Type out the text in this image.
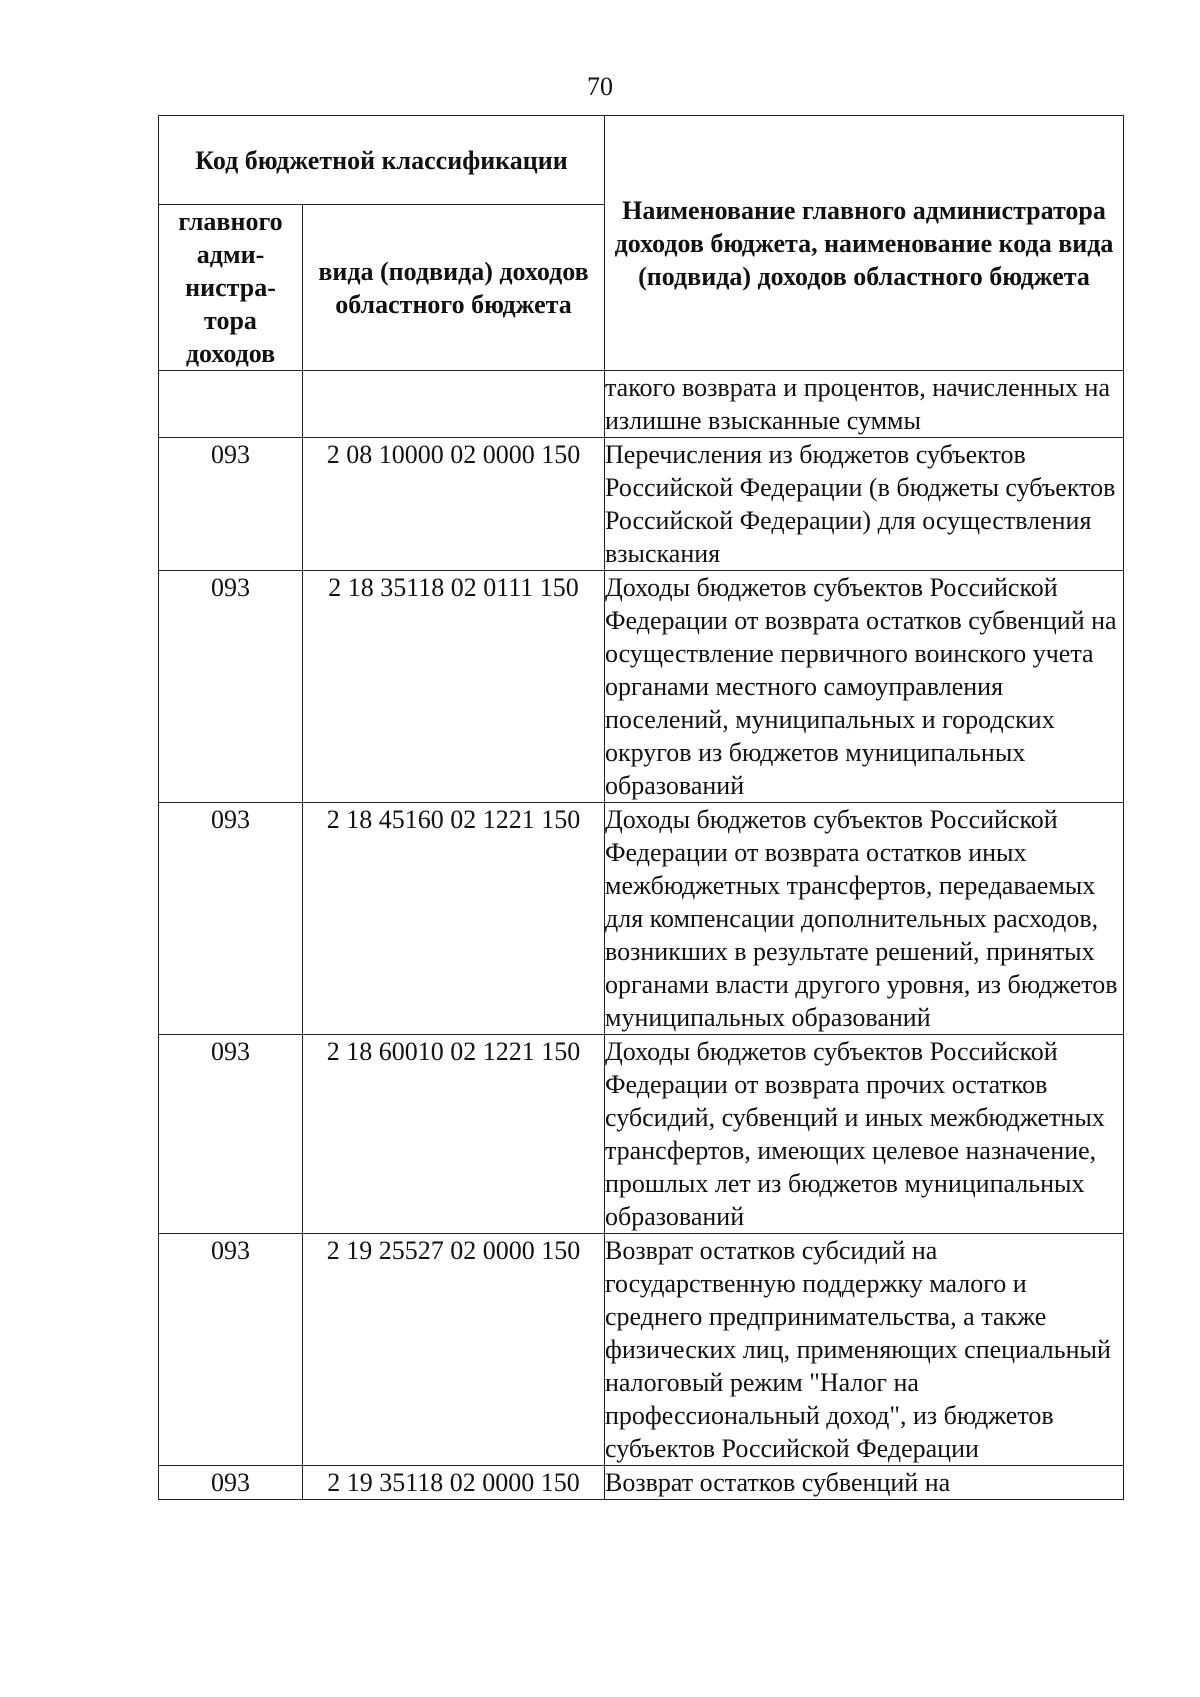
70
Код бюджетной классификации		Наименование главного администратора доходов бюджета, наименование кода вида (подвида) доходов областного бюджета
главного адми-нистра-тора доходов	вида (подвида) доходов областного бюджета	
		такого возврата и процентов, начисленных на излишне взысканные суммы
093	2 08 10000 02 0000 150	Перечисления из бюджетов субъектов Российской Федерации (в бюджеты субъектов Российской Федерации) для осуществления взыскания
093	2 18 35118 02 0111 150	Доходы бюджетов субъектов Российской Федерации от возврата остатков субвенций на осуществление первичного воинского учета органами местного самоуправления поселений, муниципальных и городских округов из бюджетов муниципальных образований
093	2 18 45160 02 1221 150	Доходы бюджетов субъектов Российской Федерации от возврата остатков иных межбюджетных трансфертов, передаваемых для компенсации дополнительных расходов, возникших в результате решений, принятых органами власти другого уровня, из бюджетов муниципальных образований
093	2 18 60010 02 1221 150	Доходы бюджетов субъектов Российской Федерации от возврата прочих остатков субсидий, субвенций и иных межбюджетных трансфертов, имеющих целевое назначение, прошлых лет из бюджетов муниципальных образований
093	2 19 25527 02 0000 150	Возврат остатков субсидий на государственную поддержку малого и среднего предпринимательства, а также физических лиц, применяющих специальный налоговый режим "Налог на профессиональный доход", из бюджетов субъектов Российской Федерации
093	2 19 35118 02 0000 150	Возврат остатков субвенций на
